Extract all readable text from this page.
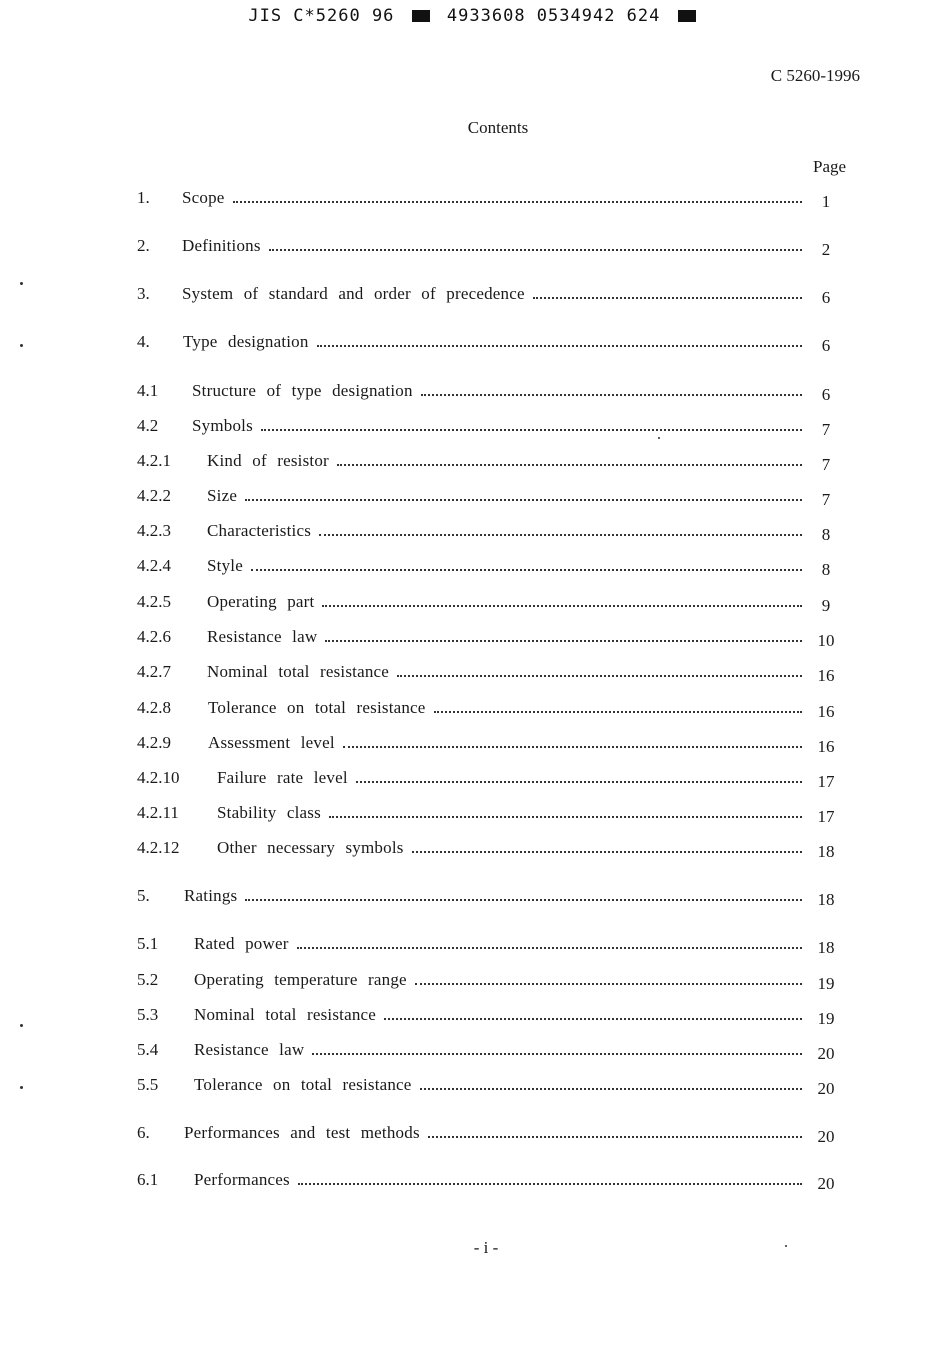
JIS C*5260 96	4933608 0534942 624
C 5260-1996
Contents
Page
1. Scope	1
2. Definitions	2
3. System of standard and order of precedence	6
4. Type designation	6
4.1 Structure of type designation	6
4.2 Symbols	7
4.2.1 Kind of resistor	7
4.2.2 Size	7
4.2.3 Characteristics	8
4.2.4 Style	8
4.2.5 Operating part	9
4.2.6 Resistance law	10
4.2.7 Nominal total resistance	16
4.2.8 Tolerance on total resistance	16
4.2.9 Assessment level	16
4.2.10 Failure rate level	17
4.2.11 Stability class	17
4.2.12 Other necessary symbols	18
5. Ratings	18
5.1 Rated power	18
5.2 Operating temperature range	19
5.3 Nominal total resistance	19
5.4 Resistance law	20
5.5 Tolerance on total resistance	20
6. Performances and test methods	20
6.1 Performances	20
- i -
